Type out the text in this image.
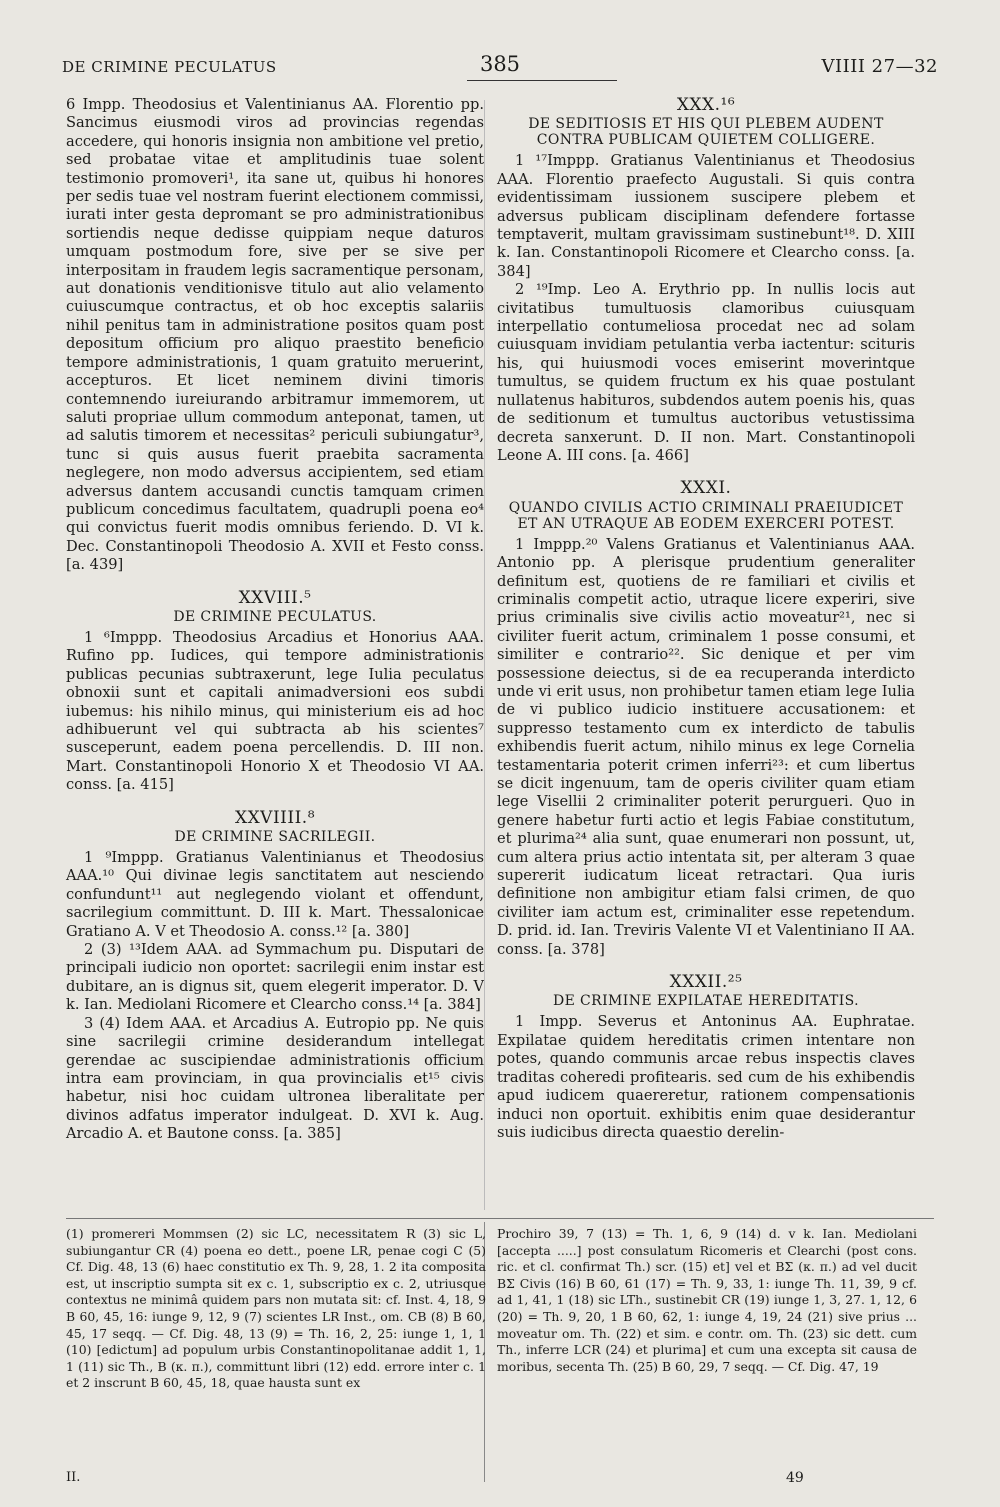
DE CRIMINE PECULATUS	385	VIIII 27—32

6 Impp. Theodosius et Valentinianus AA. Florentio pp. Sancimus eiusmodi viros ad provincias regendas accedere, qui honoris insignia non ambitione vel pretio, sed probatae vitae et amplitudinis tuae solent testimonio promoveri¹, ita sane ut, quibus hi honores per sedis tuae vel nostram fuerint electionem commissi, iurati inter gesta depromant se pro administrationibus sortiendis neque dedisse quippiam neque daturos umquam postmodum fore, sive per se sive per interpositam in fraudem legis sacramentique personam, aut donationis venditionisve titulo aut alio velamento cuiuscumque contractus, et ob hoc exceptis salariis nihil penitus tam in administratione positos quam post depositum officium pro aliquo praestito beneficio tempore administrationis, 1 quam gratuito meruerint, accepturos. Et licet neminem divini timoris contemnendo iureiurando arbitramur immemorem, ut saluti propriae ullum commodum anteponat, tamen, ut ad salutis timorem et necessitas² periculi subiungatur³, tunc si quis ausus fuerit praebita sacramenta neglegere, non modo adversus accipientem, sed etiam adversus dantem accusandi cunctis tamquam crimen publicum concedimus facultatem, quadrupli poena eo⁴ qui convictus fuerit modis omnibus feriendo. D. VI k. Dec. Constantinopoli Theodosio A. XVII et Festo conss. [a. 439]

XXVIII.⁵
DE CRIMINE PECULATUS.

1 ⁶Imppp. Theodosius Arcadius et Honorius AAA. Rufino pp. Iudices, qui tempore administrationis publicas pecunias subtraxerunt, lege Iulia peculatus obnoxii sunt et capitali animadversioni eos subdi iubemus: his nihilo minus, qui ministerium eis ad hoc adhibuerunt vel qui subtracta ab his scientes⁷ susceperunt, eadem poena percellendis. D. III non. Mart. Constantinopoli Honorio X et Theodosio VI AA. conss. [a. 415]

XXVIIII.⁸
DE CRIMINE SACRILEGII.

1 ⁹Imppp. Gratianus Valentinianus et Theodosius AAA.¹⁰ Qui divinae legis sanctitatem aut nesciendo confundunt¹¹ aut neglegendo violant et offendunt, sacrilegium committunt. D. III k. Mart. Thessalonicae Gratiano A. V et Theodosio A. conss.¹² [a. 380]

2 (3) ¹³Idem AAA. ad Symmachum pu. Disputari de principali iudicio non oportet: sacrilegii enim instar est dubitare, an is dignus sit, quem elegerit imperator. D. V k. Ian. Mediolani Ricomere et Clearcho conss.¹⁴ [a. 384]

3 (4) Idem AAA. et Arcadius A. Eutropio pp. Ne quis sine sacrilegii crimine desiderandum intellegat gerendae ac suscipiendae administrationis officium intra eam provinciam, in qua provincialis et¹⁵ civis habetur, nisi hoc cuidam ultronea liberalitate per divinos adfatus imperator indulgeat. D. XVI k. Aug. Arcadio A. et Bautone conss. [a. 385]

XXX.¹⁶
DE SEDITIOSIS ET HIS QUI PLEBEM AUDENT CONTRA PUBLICAM QUIETEM COLLIGERE.

1 ¹⁷Imppp. Gratianus Valentinianus et Theodosius AAA. Florentio praefecto Augustali. Si quis contra evidentissimam iussionem suscipere plebem et adversus publicam disciplinam defendere fortasse temptaverit, multam gravissimam sustinebunt¹⁸. D. XIII k. Ian. Constantinopoli Ricomere et Clearcho conss. [a. 384]

2 ¹⁹Imp. Leo A. Erythrio pp. In nullis locis aut civitatibus tumultuosis clamoribus cuiusquam interpellatio contumeliosa procedat nec ad solam cuiusquam invidiam petulantia verba iactentur: scituris his, qui huiusmodi voces emiserint moverintque tumultus, se quidem fructum ex his quae postulant nullatenus habituros, subdendos autem poenis his, quas de seditionum et tumultus auctoribus vetustissima decreta sanxerunt. D. II non. Mart. Constantinopoli Leone A. III cons. [a. 466]

XXXI.
QUANDO CIVILIS ACTIO CRIMINALI PRAEIUDICET ET AN UTRAQUE AB EODEM EXERCERI POTEST.

1 Imppp.²⁰ Valens Gratianus et Valentinianus AAA. Antonio pp. A plerisque prudentium generaliter definitum est, quotiens de re familiari et civilis et criminalis competit actio, utraque licere experiri, sive prius criminalis sive civilis actio moveatur²¹, nec si civiliter fuerit actum, criminalem 1 posse consumi, et similiter e contrario²². Sic denique et per vim possessione deiectus, si de ea recuperanda interdicto unde vi erit usus, non prohibetur tamen etiam lege Iulia de vi publico iudicio instituere accusationem: et suppresso testamento cum ex interdicto de tabulis exhibendis fuerit actum, nihilo minus ex lege Cornelia testamentaria poterit crimen inferri²³: et cum libertus se dicit ingenuum, tam de operis civiliter quam etiam lege Visellii 2 criminaliter poterit perurgueri. Quo in genere habetur furti actio et legis Fabiae constitutum, et plurima²⁴ alia sunt, quae enumerari non possunt, ut, cum altera prius actio intentata sit, per alteram 3 quae supererit iudicatum liceat retractari. Qua iuris definitione non ambigitur etiam falsi crimen, de quo civiliter iam actum est, criminaliter esse repetendum. D. prid. id. Ian. Treviris Valente VI et Valentiniano II AA. conss. [a. 378]

XXXII.²⁵
DE CRIMINE EXPILATAE HEREDITATIS.

1 Impp. Severus et Antoninus AA. Euphratae. Expilatae quidem hereditatis crimen intentare non potes, quando communis arcae rebus inspectis claves traditas coheredi profitearis. sed cum de his exhibendis apud iudicem quaereretur, rationem compensationis induci non oportuit. exhibitis enim quae desiderantur suis iudicibus directa quaestio derelin-

(1) promereri Mommsen (2) sic LC, necessitatem R (3) sic L, subiungantur CR (4) poena eo dett., poene LR, penae cogi C (5) Cf. Dig. 48, 13 (6) haec constitutio ex Th. 9, 28, 1. 2 ita composita est, ut inscriptio sumpta sit ex c. 1, subscriptio ex c. 2, utriusque contextus ne minimâ quidem pars non mutata sit: cf. Inst. 4, 18, 9 B 60, 45, 16: iunge 9, 12, 9 (7) scientes LR Inst., om. CB (8) B 60, 45, 17 seqq. — Cf. Dig. 48, 13 (9) = Th. 16, 2, 25: iunge 1, 1, 1 (10) [edictum] ad populum urbis Constantinopolitanae addit 1, 1, 1 (11) sic Th., B (κ. π.), committunt libri (12) edd. errore inter c. 1 et 2 inscrunt B 60, 45, 18, quae hausta sunt ex

Prochiro 39, 7 (13) = Th. 1, 6, 9 (14) d. v k. Ian. Mediolani [accepta .....] post consulatum Ricomeris et Clearchi (post cons. ric. et cl. confirmat Th.) scr. (15) et] vel et BΣ (κ. π.) ad vel ducit BΣ Civis (16) B 60, 61 (17) = Th. 9, 33, 1: iunge Th. 11, 39, 9 cf. ad 1, 41, 1 (18) sic LTh., sustinebit CR (19) iunge 1, 3, 27. 1, 12, 6 (20) = Th. 9, 20, 1 B 60, 62, 1: iunge 4, 19, 24 (21) sive prius ... moveatur om. Th. (22) et sim. e contr. om. Th. (23) sic dett. cum Th., inferre LCR (24) et plurima] et cum una excepta sit causa de moribus, secenta Th. (25) B 60, 29, 7 seqq. — Cf. Dig. 47, 19

II.	49
